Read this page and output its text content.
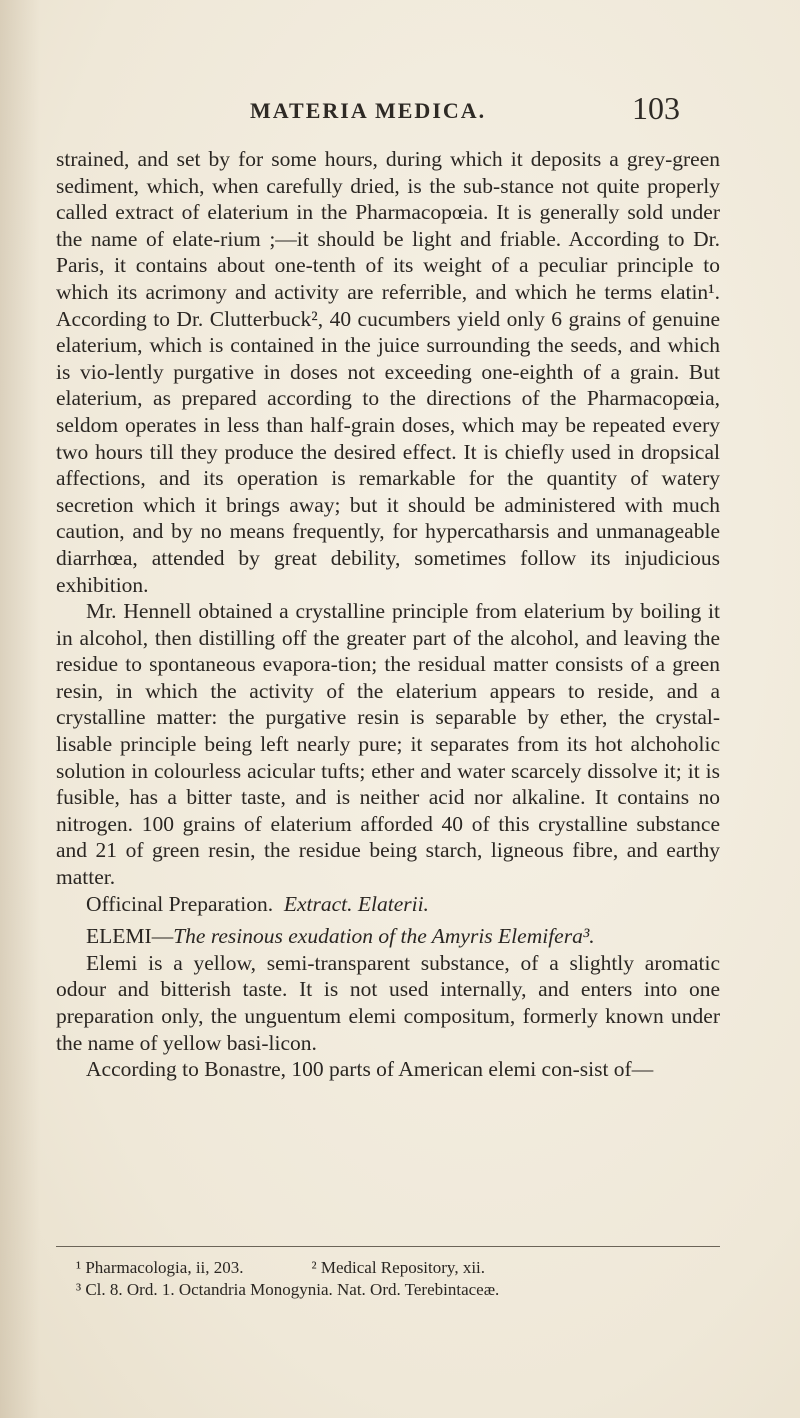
MATERIA MEDICA.	103

strained, and set by for some hours, during which it deposits a grey-green sediment, which, when carefully dried, is the sub-stance not quite properly called extract of elaterium in the Pharmacopœia. It is generally sold under the name of elate-rium ;—it should be light and friable. According to Dr. Paris, it contains about one-tenth of its weight of a peculiar principle to which its acrimony and activity are referrible, and which he terms elatin¹. According to Dr. Clutterbuck², 40 cucumbers yield only 6 grains of genuine elaterium, which is contained in the juice surrounding the seeds, and which is vio-lently purgative in doses not exceeding one-eighth of a grain. But elaterium, as prepared according to the directions of the Pharmacopœia, seldom operates in less than half-grain doses, which may be repeated every two hours till they produce the desired effect. It is chiefly used in dropsical affections, and its operation is remarkable for the quantity of watery secretion which it brings away; but it should be administered with much caution, and by no means frequently, for hypercatharsis and unmanageable diarrhœa, attended by great debility, sometimes follow its injudicious exhibition.

Mr. Hennell obtained a crystalline principle from elaterium by boiling it in alcohol, then distilling off the greater part of the alcohol, and leaving the residue to spontaneous evapora-tion; the residual matter consists of a green resin, in which the activity of the elaterium appears to reside, and a crystalline matter: the purgative resin is separable by ether, the crystal-lisable principle being left nearly pure; it separates from its hot alchoholic solution in colourless acicular tufts; ether and water scarcely dissolve it; it is fusible, has a bitter taste, and is neither acid nor alkaline. It contains no nitrogen. 100 grains of elaterium afforded 40 of this crystalline substance and 21 of green resin, the residue being starch, ligneous fibre, and earthy matter.

Officinal Preparation. Extract. Elaterii.

ELEMI—The resinous exudation of the Amyris Elemifera³.

Elemi is a yellow, semi-transparent substance, of a slightly aromatic odour and bitterish taste. It is not used internally, and enters into one preparation only, the unguentum elemi compositum, formerly known under the name of yellow basi-licon.

According to Bonastre, 100 parts of American elemi con-sist of—

¹ Pharmacologia, ii, 203.	² Medical Repository, xii.
³ Cl. 8. Ord. 1. Octandria Monogynia. Nat. Ord. Terebintaceæ.
